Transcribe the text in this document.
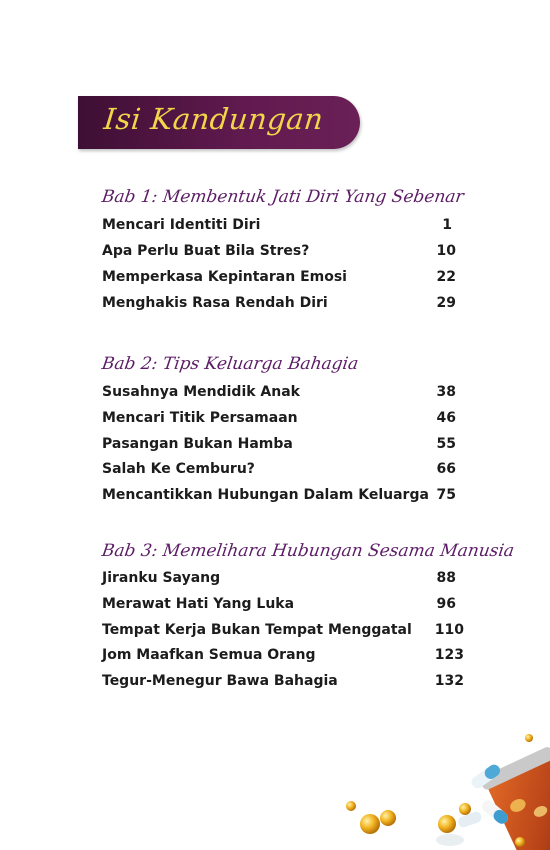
Isi Kandungan
Bab 1: Membentuk Jati Diri Yang Sebenar
Mencari Identiti Diri	1
Apa Perlu Buat Bila Stres?	10
Memperkasa Kepintaran Emosi	22
Menghakis Rasa Rendah Diri	29
Bab 2: Tips Keluarga Bahagia
Susahnya Mendidik Anak	38
Mencari Titik Persamaan	46
Pasangan Bukan Hamba	55
Salah Ke Cemburu?	66
Mencantikkan Hubungan Dalam Keluarga 75
Bab 3: Memelihara Hubungan Sesama Manusia
Jiranku Sayang	88
Merawat Hati Yang Luka	96
Tempat Kerja Bukan Tempat Menggatal 110
Jom Maafkan Semua Orang	123
Tegur-Menegur Bawa Bahagia	132
